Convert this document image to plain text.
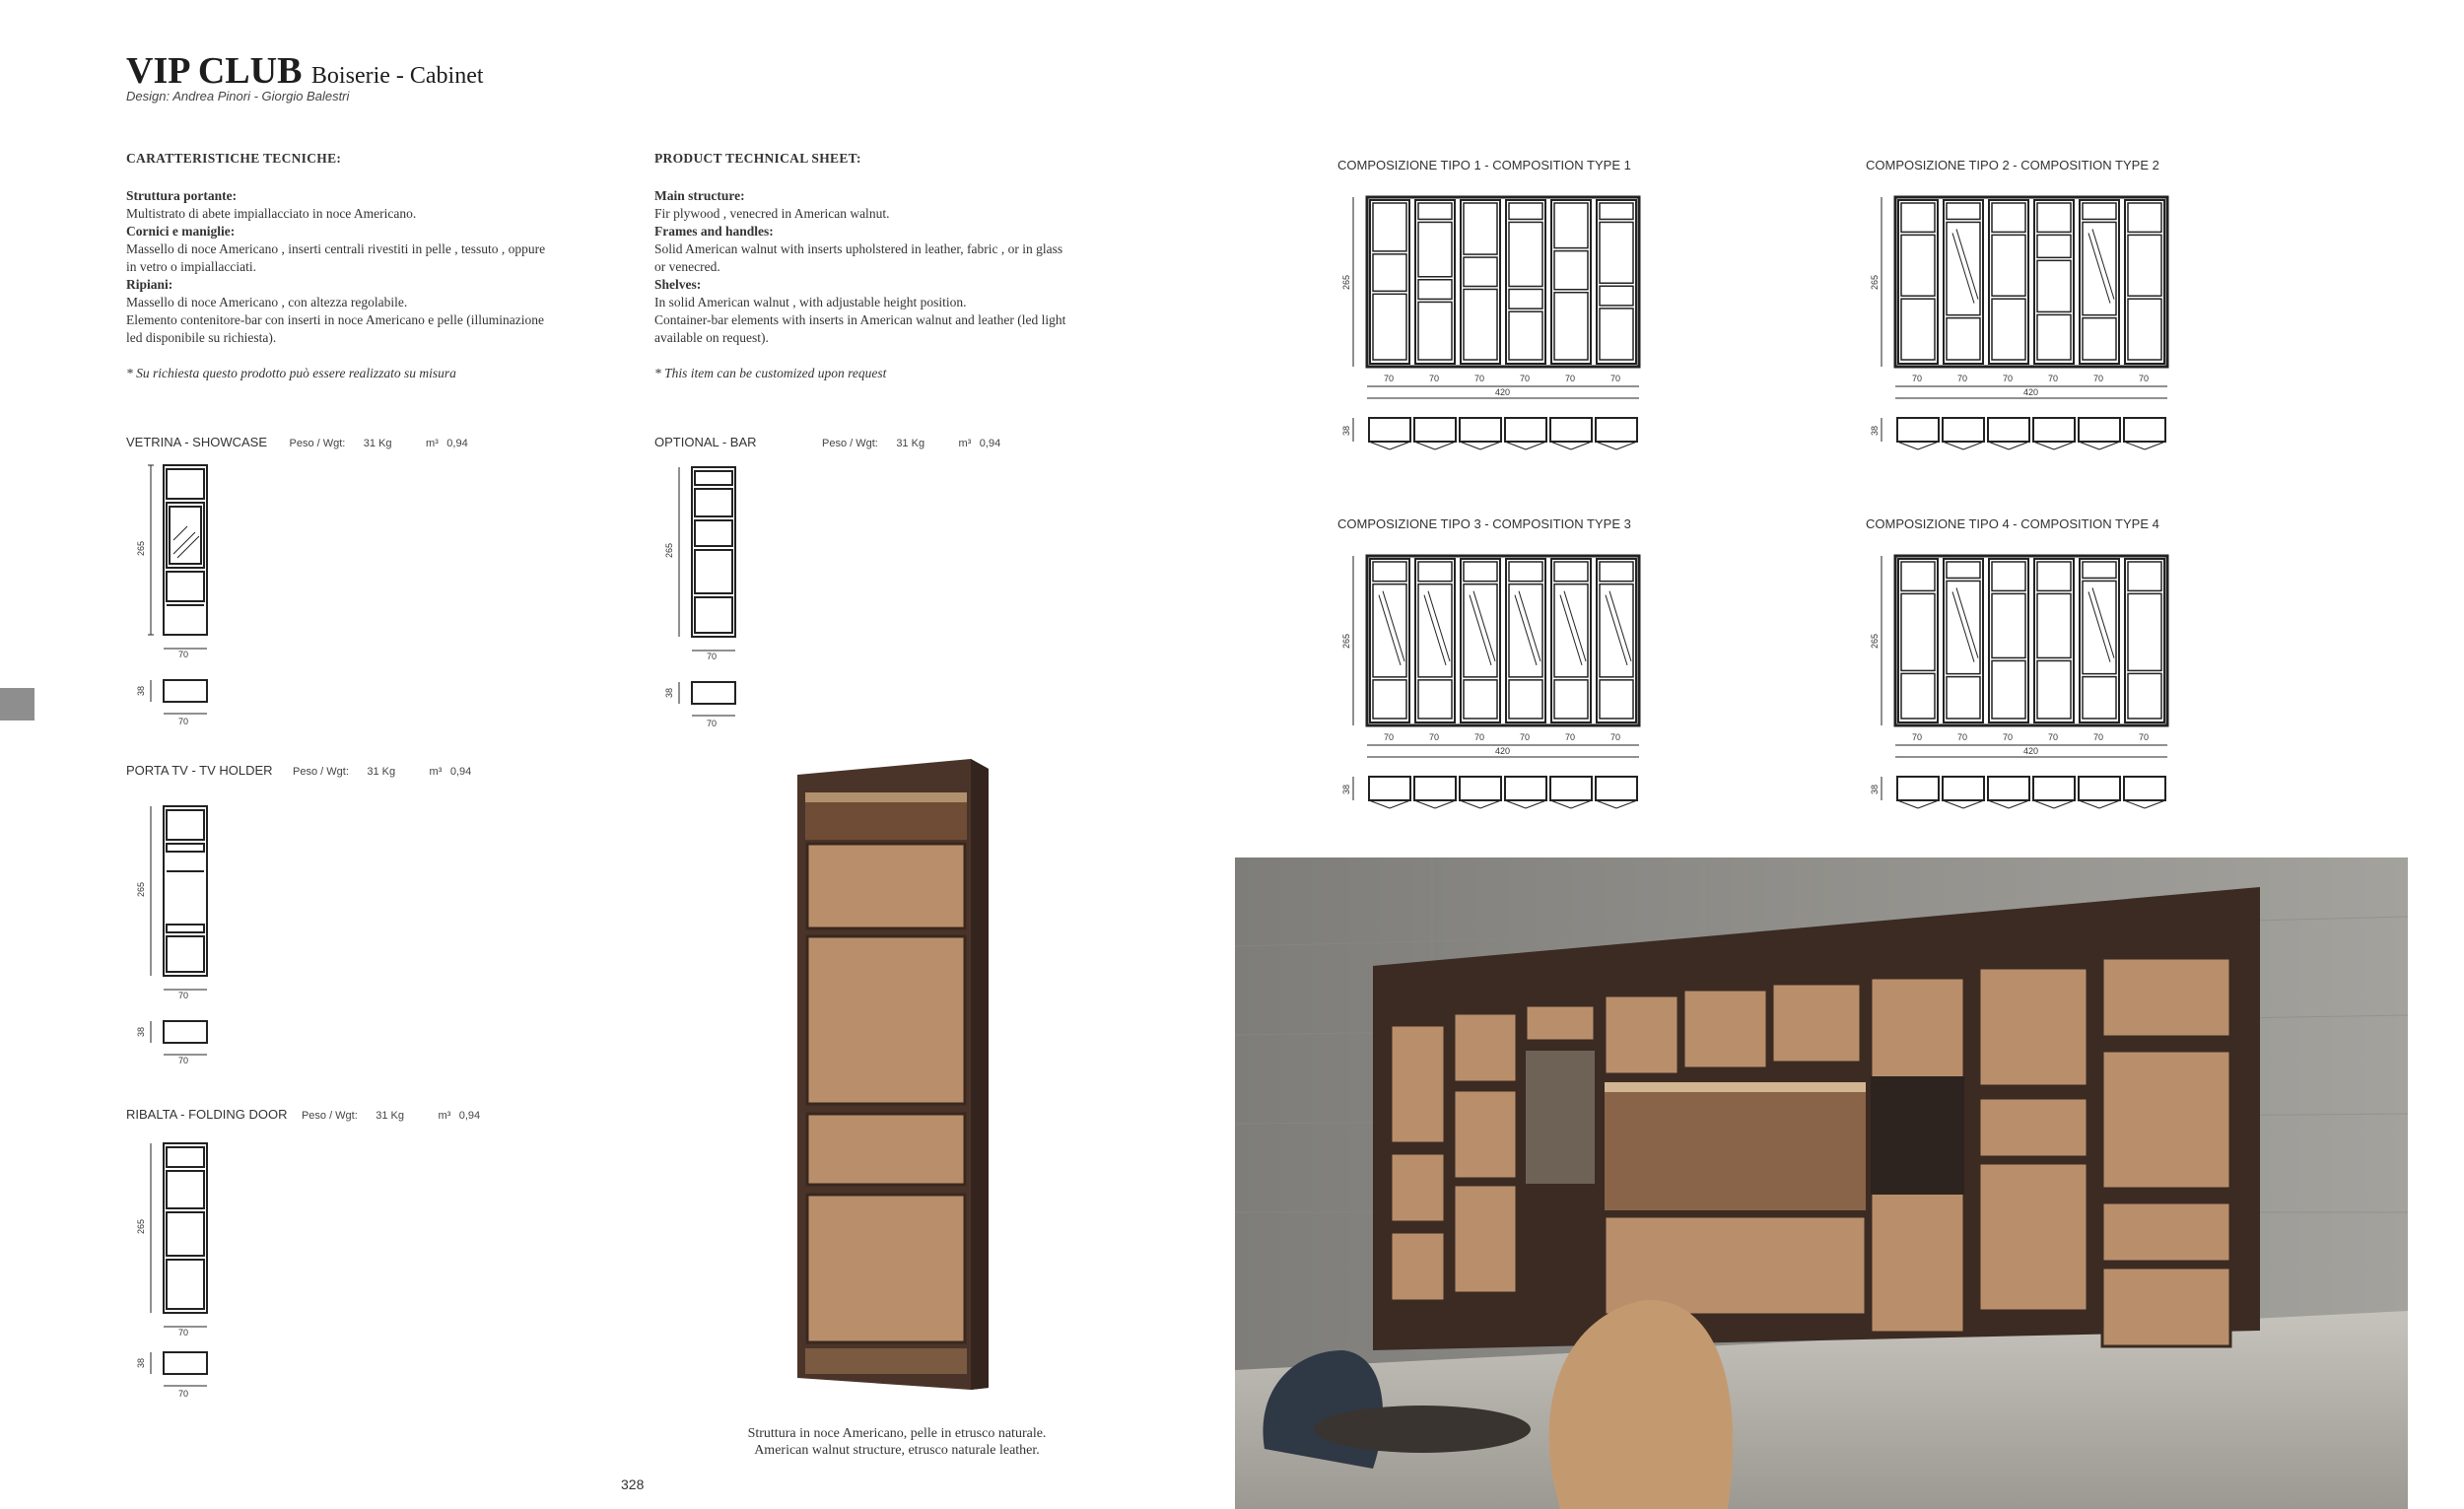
VIP CLUB Boiserie - Cabinet
Design: Andrea Pinori - Giorgio Balestri
CARATTERISTICHE TECNICHE:

Struttura portante:

Multistrato di abete impiallacciato in noce Americano.

Cornici e maniglie:

Massello di noce Americano , inserti centrali rivestiti in pelle , tessuto , oppure

in vetro o impiallacciati.

Ripiani:

Massello di noce Americano , con altezza regolabile.

Elemento contenitore-bar con inserti in noce Americano e pelle (illuminazione

led disponibile su richiesta).

* Su richiesta questo prodotto può essere realizzato su misura

PRODUCT TECHNICAL SHEET:

Main structure:

Fir plywood , venecred in American walnut.

Frames and handles:

Solid American walnut with inserts upholstered in leather, fabric , or in glass

or venecred.

Shelves:

In solid American walnut , with adjustable height position.

Container-bar elements with inserts in American walnut and leather (led light

available on request).

* This item can be customized upon request

VETRINA - SHOWCASE Peso / Wgt: 31 Kg	m³ 0,94	OPTIONAL - BAR	Peso / Wgt: 31 Kg	m³ 0,94
PORTA TV - TV HOLDER Peso / Wgt: 31 Kg	m³ 0,94
RIBALTA - FOLDING DOOR Peso / Wgt: 31 Kg	m³ 0,94
265
70
38
70
265
70
38
70
265
70
38
70
265
70
38
70
Struttura in noce Americano, pelle in etrusco naturale.
American walnut structure, etrusco naturale leather.
328
COMPOSIZIONE TIPO 1 - COMPOSITION TYPE 1	COMPOSIZIONE TIPO 2 - COMPOSITION TYPE 2
COMPOSIZIONE TIPO 3 - COMPOSITION TYPE 3	COMPOSIZIONE TIPO 4 - COMPOSITION TYPE 4
70	70	70	70	70	70
420
265
38
70	70	70	70	70	70
420
265
38
70	70	70	70	70	70
420
265
38
70	70	70	70	70	70
420
265
38
